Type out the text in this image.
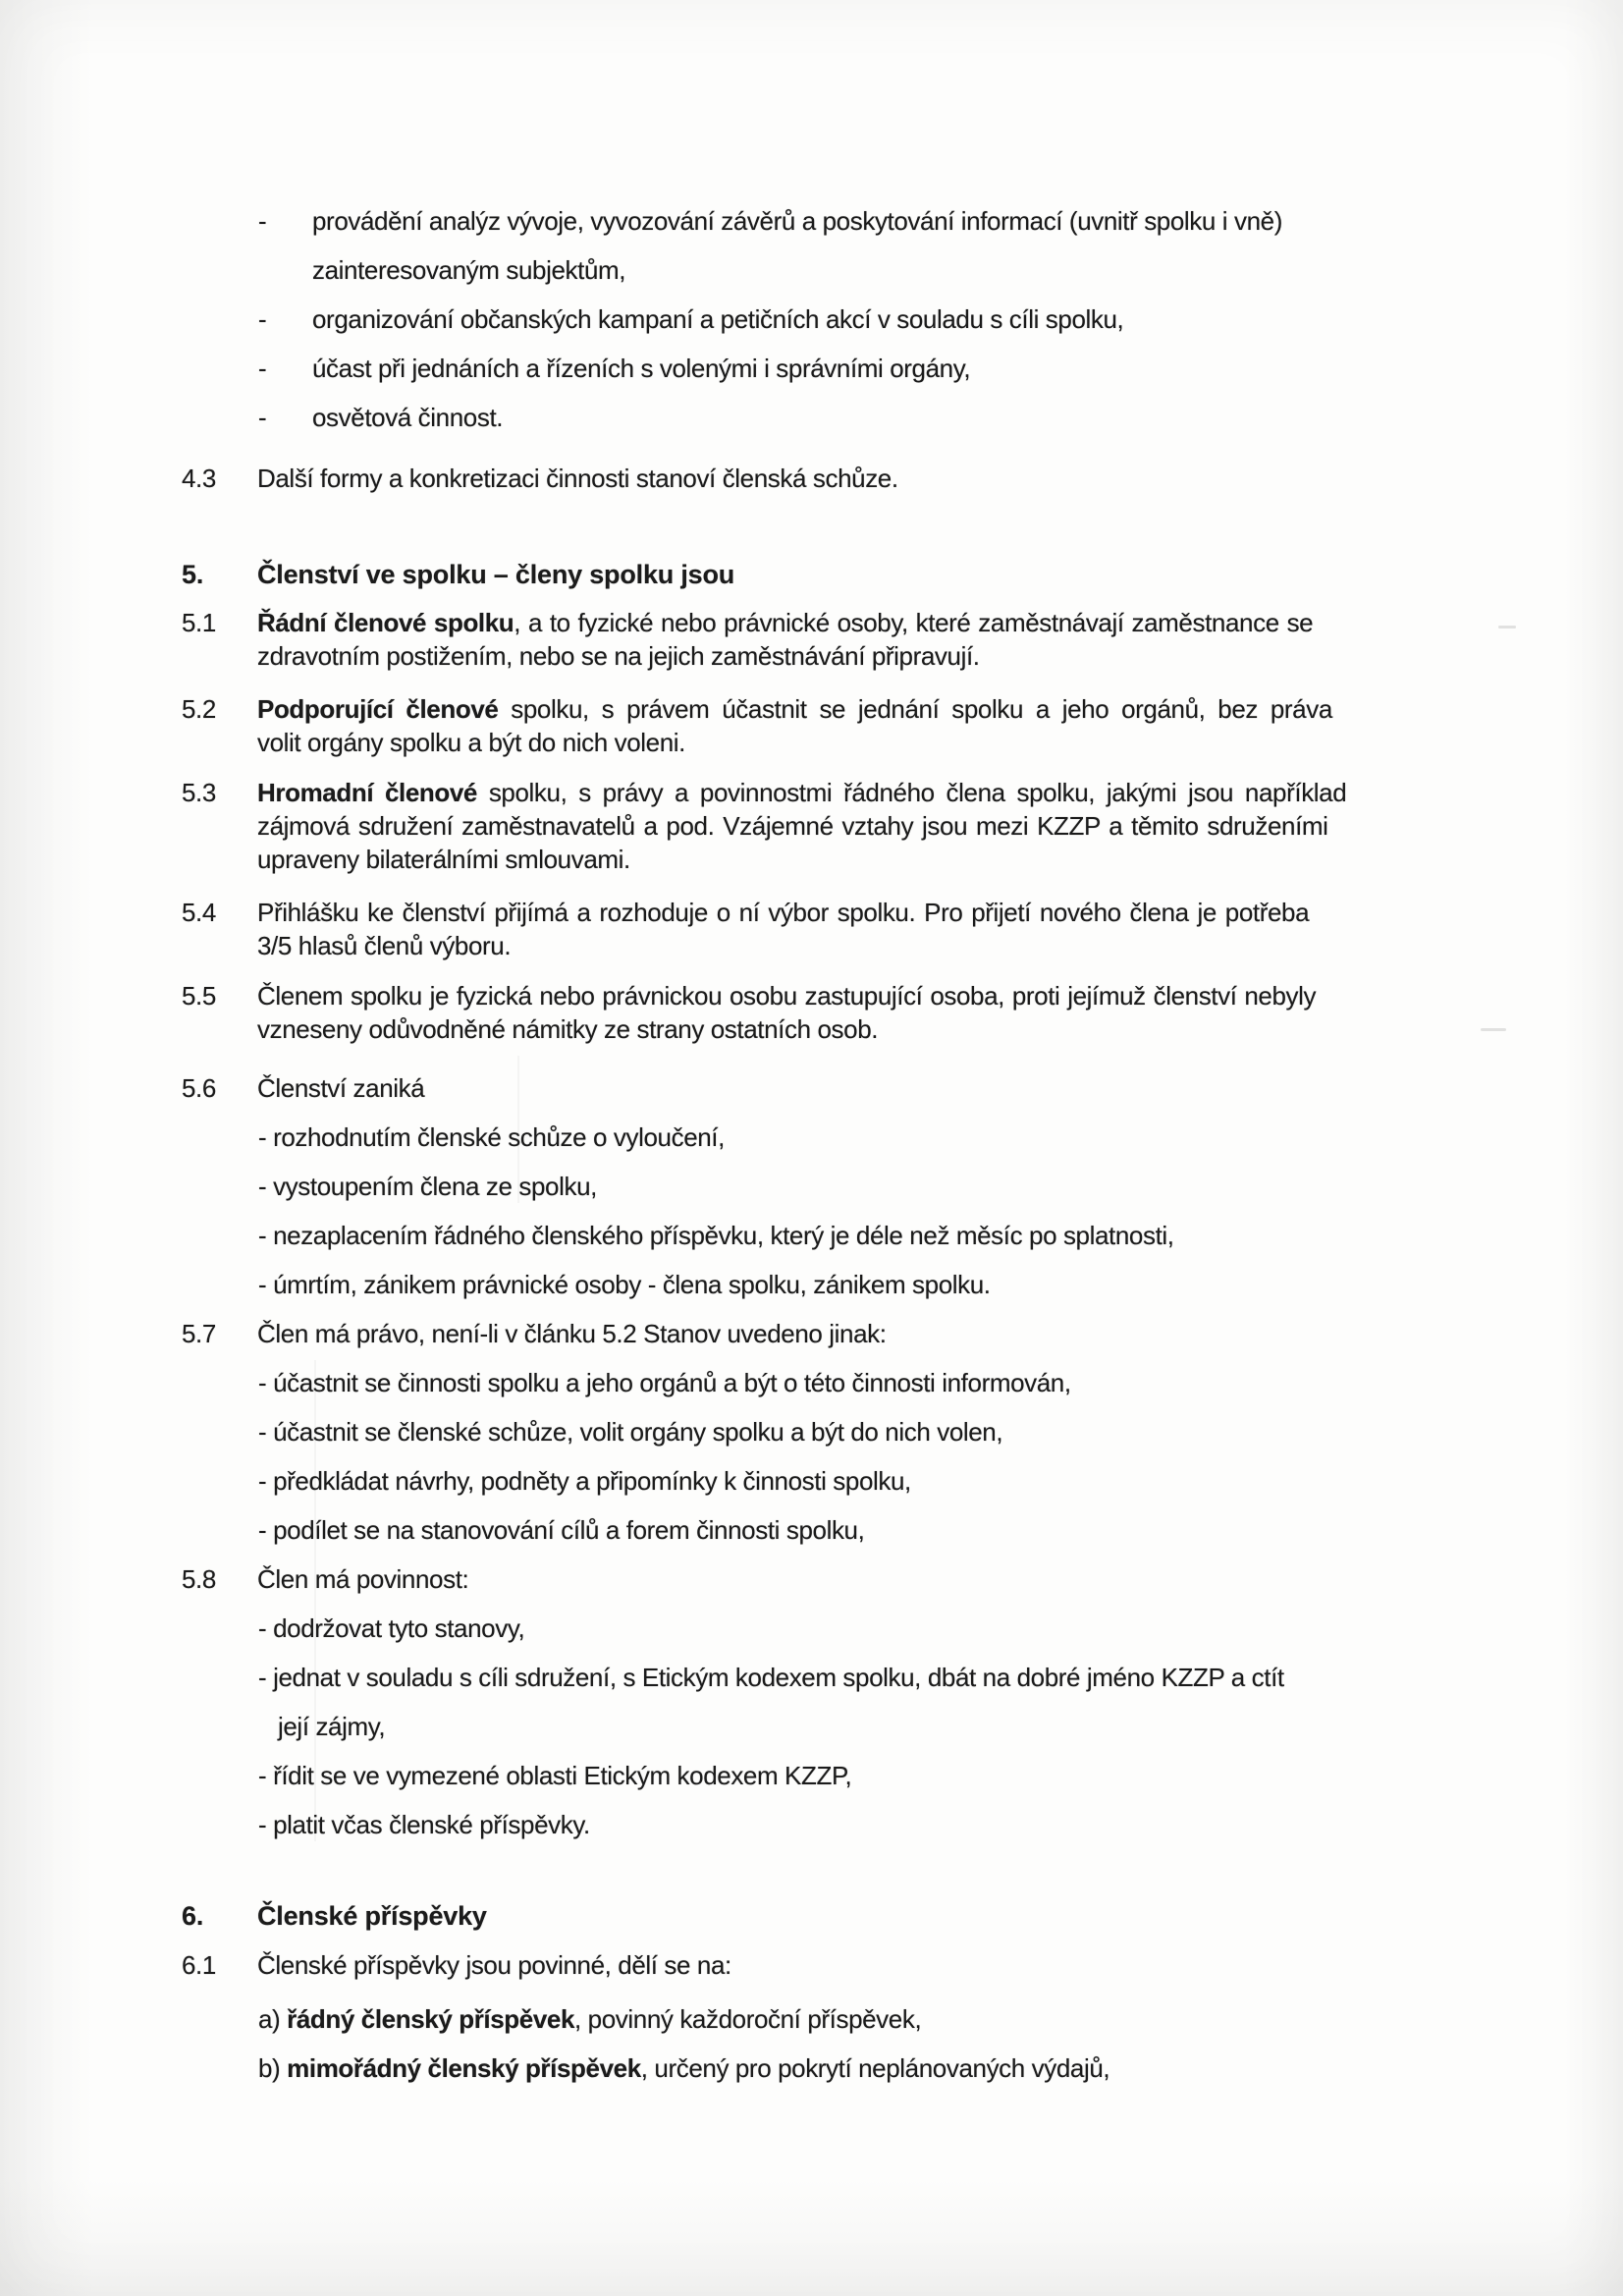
-	provádění analýz vývoje, vyvozování závěrů a poskytování informací (uvnitř spolku i vně)
zainteresovaným subjektům,
-	organizování občanských kampaní a petičních akcí v souladu s cíli spolku,
-	účast při jednáních a řízeních s volenými i správními orgány,
-	osvětová činnost.
4.3	Další formy a konkretizaci činnosti stanoví členská schůze.
5.	Členství ve spolku – členy spolku jsou
5.1	Řádní členové spolku, a to fyzické nebo právnické osoby, které zaměstnávají zaměstnance se
zdravotním postižením, nebo se na jejich zaměstnávání připravují.
5.2	Podporující členové spolku, s právem účastnit se jednání spolku a jeho orgánů, bez práva
volit orgány spolku a být do nich voleni.
5.3	Hromadní členové spolku, s právy a povinnostmi řádného člena spolku, jakými jsou například
zájmová sdružení zaměstnavatelů a pod. Vzájemné vztahy jsou mezi KZZP a těmito sdruženími
upraveny bilaterálními smlouvami.
5.4	Přihlášku ke členství přijímá a rozhoduje o ní výbor spolku. Pro přijetí nového člena je potřeba
3/5 hlasů členů výboru.
5.5	Členem spolku je fyzická nebo právnickou osobu zastupující osoba, proti jejímuž členství nebyly
vzneseny odůvodněné námitky ze strany ostatních osob.
5.6	Členství zaniká
- rozhodnutím členské schůze o vyloučení,
- vystoupením člena ze spolku,
- nezaplacením řádného členského příspěvku, který je déle než měsíc po splatnosti,
- úmrtím, zánikem právnické osoby - člena spolku, zánikem spolku.
5.7	Člen má právo, není-li v článku 5.2 Stanov uvedeno jinak:
- účastnit se činnosti spolku a jeho orgánů a být o této činnosti informován,
- účastnit se členské schůze, volit orgány spolku a být do nich volen,
- předkládat návrhy, podněty a připomínky k činnosti spolku,
- podílet se na stanovování cílů a forem činnosti spolku,
5.8	Člen má povinnost:
- dodržovat tyto stanovy,
- jednat v souladu s cíli sdružení, s Etickým kodexem spolku, dbát na dobré jméno KZZP a ctít
její zájmy,
- řídit se ve vymezené oblasti Etickým kodexem KZZP,
- platit včas členské příspěvky.
6.	Členské příspěvky
6.1	Členské příspěvky jsou povinné, dělí se na:
a) řádný členský příspěvek, povinný každoroční příspěvek,
b) mimořádný členský příspěvek, určený pro pokrytí neplánovaných výdajů,
